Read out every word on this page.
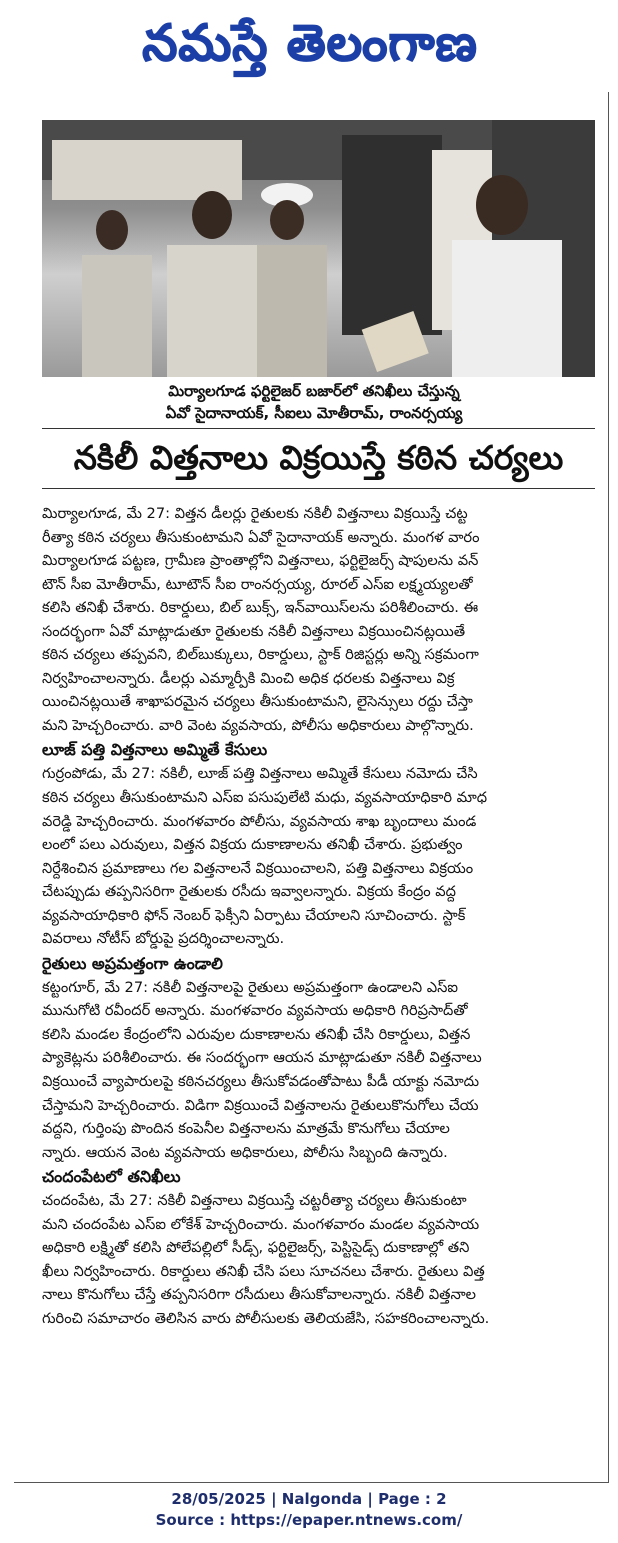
నమస్తే తెలంగాణ
మిర్యాలగూడ ఫర్టిలైజర్ బజార్‌లో తనిఖీలు చేస్తున్న
ఏవో సైదానాయక్, సీఐలు మోతీరామ్, రాంనర్సయ్య
నకిలీ విత్తనాలు విక్రయిస్తే కఠిన చర్యలు
మిర్యాలగూడ, మే 27: విత్తన డీలర్లు రైతులకు నకిలీ విత్తనాలు విక్రయిస్తే చట్ట
రీత్యా కఠిన చర్యలు తీసుకుంటామని ఏవో సైదానాయక్ అన్నారు. మంగళ వారం
మిర్యాలగూడ పట్టణ, గ్రామీణ ప్రాంతాల్లోని విత్తనాలు, ఫర్టిలైజర్స్ షాపులను వన్
టౌన్ సీఐ మోతీరామ్, టూటౌన్ సీఐ రాంనర్సయ్య, రూరల్ ఎస్ఐ లక్ష్మయ్యలతో
కలిసి తనిఖీ చేశారు. రికార్డులు, బిల్ బుక్స్, ఇన్‌వాయిస్‌లను పరిశీలించారు. ఈ
సందర్భంగా ఏవో మాట్లాడుతూ రైతులకు నకిలీ విత్తనాలు విక్రయించినట్లయితే
కఠిన చర్యలు తప్పవని, బిల్‌బుక్కులు, రికార్డులు, స్టాక్ రిజిస్టర్లు అన్ని సక్రమంగా
నిర్వహించాలన్నారు. డీలర్లు ఎమ్మార్పీకి మించి అధిక ధరలకు విత్తనాలు విక్ర
యించినట్లయితే శాఖాపరమైన చర్యలు తీసుకుంటామని, లైసెన్సులు రద్దు చేస్తా
మని హెచ్చరించారు. వారి వెంట వ్యవసాయ, పోలీసు అధికారులు పాల్గొన్నారు.
లూజ్ పత్తి విత్తనాలు అమ్మితే కేసులు
గుర్రంపోడు, మే 27: నకిలీ, లూజ్ పత్తి విత్తనాలు అమ్మితే కేసులు నమోదు చేసి
కఠిన చర్యలు తీసుకుంటామని ఎస్ఐ పసుపులేటి మధు, వ్యవసాయాధికారి మాధ
వరెడ్డి హెచ్చరించారు. మంగళవారం పోలీసు, వ్యవసాయ శాఖ బృందాలు మండ
లంలో పలు ఎరువులు, విత్తన విక్రయ దుకాణాలను తనిఖీ చేశారు. ప్రభుత్వం
నిర్దేశించిన ప్రమాణాలు గల విత్తనాలనే విక్రయించాలని, పత్తి విత్తనాలు విక్రయం
చేటప్పుడు తప్పనిసరిగా రైతులకు రసీదు ఇవ్వాలన్నారు. విక్రయ కేంద్రం వద్ద
వ్యవసాయాధికారి ఫోన్ నెంబర్ ఫెక్సీని ఏర్పాటు చేయాలని సూచించారు. స్టాక్
వివరాలు నోటీస్ బోర్డుపై ప్రదర్శించాలన్నారు.
రైతులు అప్రమత్తంగా ఉండాలి
కట్టంగూర్, మే 27: నకిలీ విత్తనాలపై రైతులు అప్రమత్తంగా ఉండాలని ఎస్ఐ
మునుగోటి రవీందర్ అన్నారు. మంగళవారం వ్యవసాయ అధికారి గిరిప్రసాద్‌తో
కలిసి మండల కేంద్రంలోని ఎరువుల దుకాణాలను తనిఖీ చేసి రికార్డులు, విత్తన
ప్యాకెట్లను పరిశీలించారు. ఈ సందర్భంగా ఆయన మాట్లాడుతూ నకిలీ విత్తనాలు
విక్రయించే వ్యాపారులపై కఠినచర్యలు తీసుకోవడంతోపాటు పీడీ యాక్టు నమోదు
చేస్తామని హెచ్చరించారు. విడిగా విక్రయించే విత్తనాలను రైతులుకొనుగోలు చేయ
వద్దని, గుర్తింపు పొందిన కంపెనీల విత్తనాలను మాత్రమే కొనుగోలు చేయాల
న్నారు. ఆయన వెంట వ్యవసాయ అధికారులు, పోలీసు సిబ్బంది ఉన్నారు.
చందంపేటలో తనిఖీలు
చందంపేట, మే 27: నకిలీ విత్తనాలు విక్రయిస్తే చట్టరీత్యా చర్యలు తీసుకుంటా
మని చందంపేట ఎస్ఐ లోకేశ్ హెచ్చరించారు. మంగళవారం మండల వ్యవసాయ
అధికారి లక్ష్మితో కలిసి పోలేపల్లిలో సీడ్స్, ఫర్టిలైజర్స్, పెస్టిసైడ్స్ దుకాణాల్లో తని
ఖీలు నిర్వహించారు. రికార్డులు తనిఖీ చేసి పలు సూచనలు చేశారు. రైతులు విత్త
నాలు కొనుగోలు చేస్తే తప్పనిసరిగా రసీదులు తీసుకోవాలన్నారు. నకిలీ విత్తనాల
గురించి సమాచారం తెలిసిన వారు పోలీసులకు తెలియజేసి, సహకరించాలన్నారు.
28/05/2025 | Nalgonda | Page : 2
Source : https://epaper.ntnews.com/
